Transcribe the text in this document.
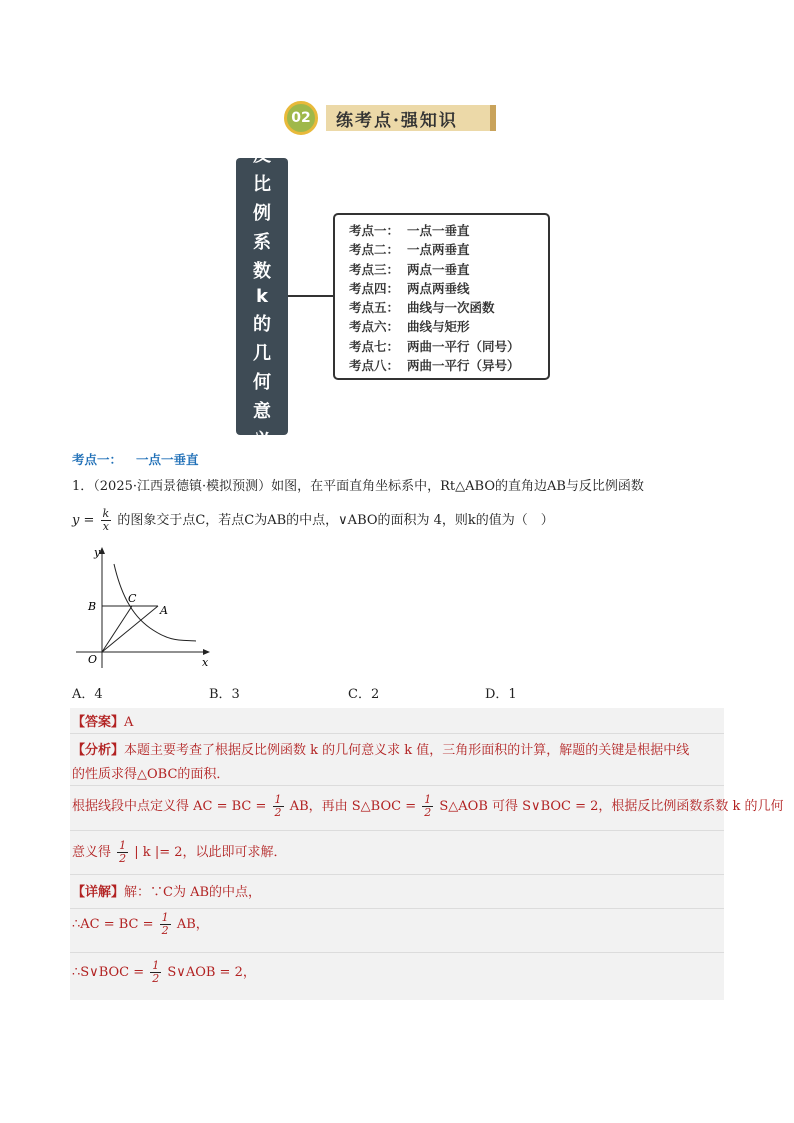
02	练考点·强知识
反
比
例
系
数
k
的
几
何
意
义
考点一： 一点一垂直
考点二： 一点两垂直
考点三： 两点一垂直
考点四： 两点两垂线
考点五： 曲线与一次函数
考点六： 曲线与矩形
考点七： 两曲一平行（同号）
考点八： 两曲一平行（异号）
考点一： 一点一垂直
1．（2025·江西景德镇·模拟预测）如图，在平面直角坐标系中，Rt△ABO的直角边AB与反比例函数
$y = \frac{k}{x}$ 的图象交于点C，若点C为AB的中点，∨ABO的面积为 4，则k的值为（　）
y
x
O
B
C
A
A．4	B．3	C．2	D．1
【答案】A
【分析】本题主要考查了根据反比例函数 k 的几何意义求 k 值，三角形面积的计算，解题的关键是根据中线
的性质求得△OBC的面积．
根据线段中点定义得 AC = BC = $\frac{1}{2}$ AB，再由 S△BOC = $\frac{1}{2}$ S△AOB 可得 S∨BOC = 2，根据反比例函数系数 k 的几何
意义得 $\frac{1}{2}$ | k |= 2，以此即可求解．
【详解】解：∵C为 AB的中点，
∴AC = BC = $\frac{1}{2}$ AB，
∴S∨BOC = $\frac{1}{2}$ S∨AOB = 2，
